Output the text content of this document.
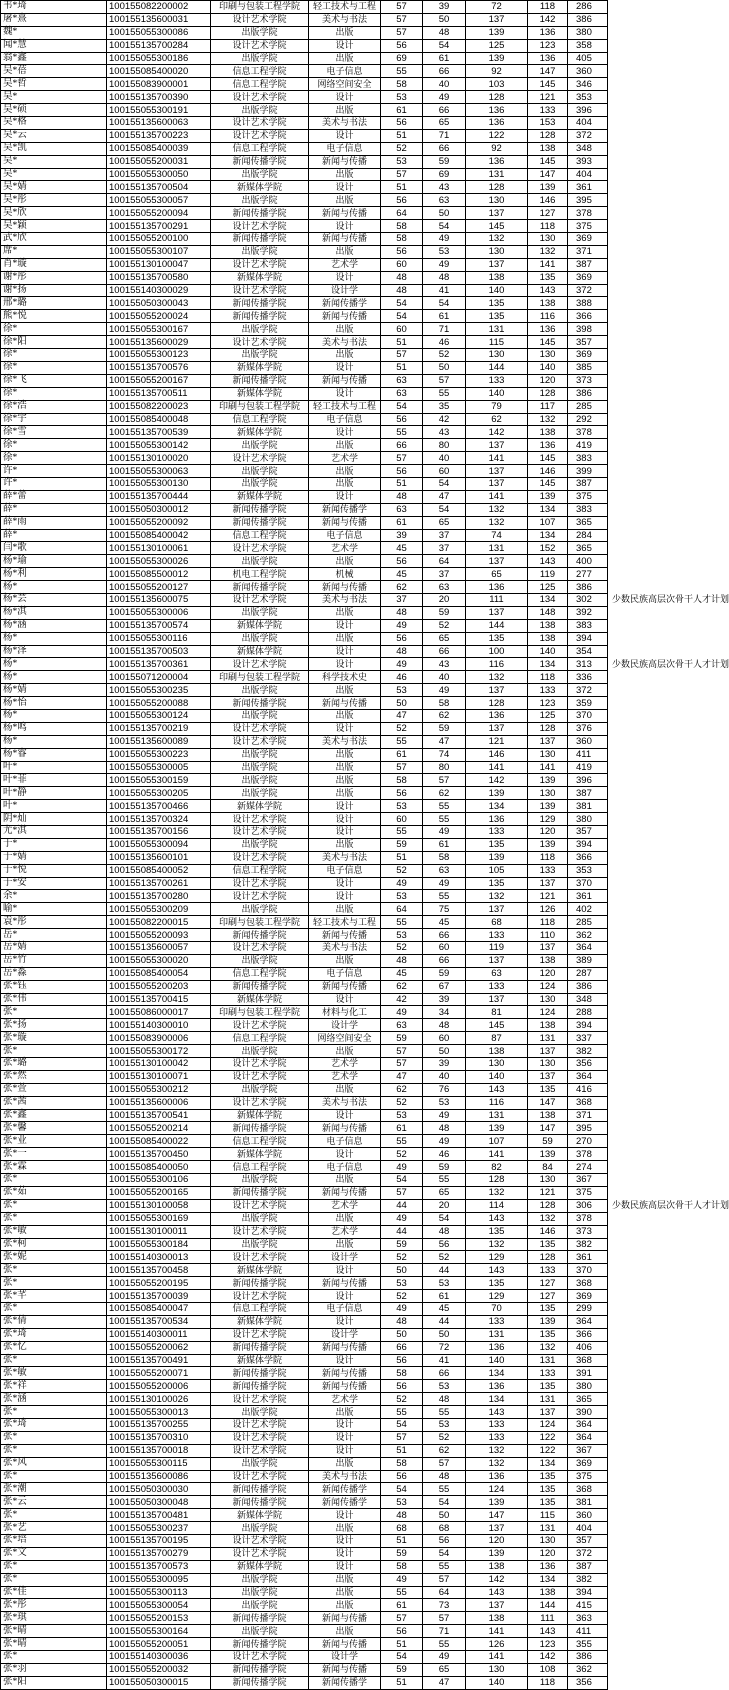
韦*琦	100155082200002	印刷与包装工程学院	轻工技术与工程	57	39	72	118	286	
屠*熹	100155135600031	设计艺术学院	美术与书法	57	50	137	142	386	
魏*	100155055300086	出版学院	出版	57	48	139	136	380	
闻*慧	100155135700284	设计艺术学院	设计	56	54	125	123	358	
翁*鑫	100155055300186	出版学院	出版	69	61	139	136	405	
吴*蓓	100155085400020	信息工程学院	电子信息	55	66	92	147	360	
吴*哲	100155083900001	信息工程学院	网络空间安全	58	40	103	145	346	
吴*	100155135700390	设计艺术学院	设计	53	49	128	121	353	
吴*硕	100155055300191	出版学院	出版	61	66	136	133	396	
吴*格	100155135600063	设计艺术学院	美术与书法	56	65	136	153	404	
吴*云	100155135700223	设计艺术学院	设计	51	71	122	128	372	
吴*凯	100155085400039	信息工程学院	电子信息	52	66	92	138	348	
吴*	100155055200031	新闻传播学院	新闻与传播	53	59	136	145	393	
吴*	100155055300050	出版学院	出版	57	69	131	147	404	
吴*婧	100155135700504	新媒体学院	设计	51	43	128	139	361	
吴*彤	100155055300057	出版学院	出版	56	63	130	146	395	
吴*欣	100155055200094	新闻传播学院	新闻与传播	64	50	137	127	378	
吴*颖	100155135700291	设计艺术学院	设计	58	54	145	118	375	
武*欣	100155055200100	新闻传播学院	新闻与传播	58	49	132	130	369	
席*	100155055300107	出版学院	出版	56	53	130	132	371	
肖*璇	100155130100047	设计艺术学院	艺术学	60	49	137	141	387	
谢*彤	100155135700580	新媒体学院	设计	48	48	138	135	369	
谢*扬	100155140300029	设计艺术学院	设计学	48	41	140	143	372	
邢*璐	100155050300043	新闻传播学院	新闻传播学	54	54	135	138	388	
熊*悦	100155055200024	新闻传播学院	新闻与传播	54	61	135	116	366	
徐*	100155055300167	出版学院	出版	60	71	131	136	398	
徐*阳	100155135600029	设计艺术学院	美术与书法	51	46	115	145	357	
徐*	100155055300123	出版学院	出版	57	52	130	130	369	
徐*	100155135700576	新媒体学院	设计	51	50	144	140	385	
徐*飞	100155055200167	新闻传播学院	新闻与传播	63	57	133	120	373	
徐*	100155135700511	新媒体学院	设计	63	55	140	128	386	
徐*浩	100155082200023	印刷与包装工程学院	轻工技术与工程	54	35	79	117	285	
徐*宇	100155085400048	信息工程学院	电子信息	56	42	62	132	292	
徐*雪	100155135700539	新媒体学院	设计	55	43	142	138	378	
徐*	100155055300142	出版学院	出版	66	80	137	136	419	
徐*	100155130100020	设计艺术学院	艺术学	57	40	141	145	383	
许*	100155055300063	出版学院	出版	56	60	137	146	399	
许*	100155055300130	出版学院	出版	51	54	137	145	387	
薛*蕾	100155135700444	新媒体学院	设计	48	47	141	139	375	
薛*	100155050300012	新闻传播学院	新闻传播学	63	54	132	134	383	
薛*雨	100155055200092	新闻传播学院	新闻与传播	61	65	132	107	365	
薛*	100155085400042	信息工程学院	电子信息	39	37	74	134	284	
闫*歌	100155130100061	设计艺术学院	艺术学	45	37	131	152	365	
杨*瑜	100155055300026	出版学院	出版	56	64	137	143	400	
杨*利	100155085500012	机电工程学院	机械	45	37	65	119	277	
杨*	100155055200127	新闻传播学院	新闻与传播	62	63	136	125	386	
杨*芸	100155135600075	设计艺术学院	美术与书法	37	20	111	134	302	少数民族高层次骨干人才计划
杨*淇	100155055300006	出版学院	出版	48	59	137	148	392	
杨*涵	100155135700574	新媒体学院	设计	49	52	144	138	383	
杨*	100155055300116	出版学院	出版	56	65	135	138	394	
杨*泽	100155135700503	新媒体学院	设计	48	66	100	140	354	
杨*	100155135700361	设计艺术学院	设计	49	43	116	134	313	少数民族高层次骨干人才计划
杨*	100155071200004	印刷与包装工程学院	科学技术史	46	40	132	118	336	
杨*婧	100155055300235	出版学院	出版	53	49	137	133	372	
杨*怡	100155055200088	新闻传播学院	新闻与传播	50	58	128	123	359	
杨*	100155055300124	出版学院	出版	47	62	136	125	370	
杨*鸣	100155135700219	设计艺术学院	设计	52	59	137	128	376	
杨*	100155135600089	设计艺术学院	美术与书法	55	47	121	137	360	
杨*睿	100155055300223	出版学院	出版	61	74	146	130	411	
叶*	100155055300005	出版学院	出版	57	80	141	141	419	
叶*菲	100155055300159	出版学院	出版	58	57	142	139	396	
叶*静	100155055300205	出版学院	出版	56	62	139	130	387	
叶*	100155135700466	新媒体学院	设计	53	55	134	139	381	
阴*灿	100155135700324	设计艺术学院	设计	60	55	136	129	380	
尤*淇	100155135700156	设计艺术学院	设计	55	49	133	120	357	
于*	100155055300094	出版学院	出版	59	61	135	139	394	
于*婧	100155135600101	设计艺术学院	美术与书法	51	58	139	118	366	
于*悦	100155085400052	信息工程学院	电子信息	52	63	105	133	353	
于*安	100155135700261	设计艺术学院	设计	49	49	135	137	370	
余*	100155135700280	设计艺术学院	设计	53	55	132	121	361	
喻*	100155055300209	出版学院	出版	64	75	137	126	402	
袁*彤	100155082200015	印刷与包装工程学院	轻工技术与工程	55	45	68	118	285	
岳*	100155055200093	新闻传播学院	新闻与传播	53	66	133	110	362	
岳*婧	100155135600057	设计艺术学院	美术与书法	52	60	119	137	364	
岳*竹	100155055300020	出版学院	出版	48	66	137	138	389	
岳*淼	100155085400054	信息工程学院	电子信息	45	59	63	120	287	
张*钰	100155055200203	新闻传播学院	新闻与传播	62	67	133	124	386	
张*伟	100155135700415	新媒体学院	设计	42	39	137	130	348	
张*	100155086000017	印刷与包装工程学院	材料与化工	49	34	81	124	288	
张*扬	100155140300010	设计艺术学院	设计学	63	48	145	138	394	
张*璇	100155083900006	信息工程学院	网络空间安全	59	60	87	131	337	
张*	100155055300172	出版学院	出版	57	50	138	137	382	
张*璐	100155130100042	设计艺术学院	艺术学	57	39	130	130	356	
张*然	100155130100071	设计艺术学院	艺术学	47	40	140	137	364	
张*萱	100155055300212	出版学院	出版	62	76	143	135	416	
张*茜	100155135600006	设计艺术学院	美术与书法	52	53	116	147	368	
张*鑫	100155135700541	新媒体学院	设计	53	49	131	138	371	
张*馨	100155055200214	新闻传播学院	新闻与传播	61	48	139	147	395	
张*业	100155085400022	信息工程学院	电子信息	55	49	107	59	270	
张*一	100155135700450	新媒体学院	设计	52	46	141	139	378	
张*霖	100155085400050	信息工程学院	电子信息	49	59	82	84	274	
张*	100155055300106	出版学院	出版	54	55	128	130	367	
张*茹	100155055200165	新闻传播学院	新闻与传播	57	65	132	121	375	
张*	100155130100058	设计艺术学院	艺术学	44	20	114	128	306	少数民族高层次骨干人才计划
张*	100155055300169	出版学院	出版	49	54	143	132	378	
张*敏	100155130100011	设计艺术学院	艺术学	44	48	135	146	373	
张*柯	100155055300184	出版学院	出版	59	56	132	135	382	
张*妮	100155140300013	设计艺术学院	设计学	52	52	129	128	361	
张*	100155135700458	新媒体学院	设计	50	44	143	133	370	
张*	100155055200195	新闻传播学院	新闻与传播	53	53	135	127	368	
张*芊	100155135700039	设计艺术学院	设计	52	61	129	127	369	
张*	100155085400047	信息工程学院	电子信息	49	45	70	135	299	
张*倩	100155135700534	新媒体学院	设计	48	44	133	139	364	
张*琦	100155140300011	设计艺术学院	设计学	50	50	131	135	366	
张*忆	100155055200062	新闻传播学院	新闻与传播	66	72	136	132	406	
张*	100155135700491	新媒体学院	设计	56	41	140	131	368	
张*敏	100155055200071	新闻传播学院	新闻与传播	58	66	134	133	391	
张*祥	100155055200006	新闻传播学院	新闻与传播	56	53	136	135	380	
张*涵	100155130100026	设计艺术学院	艺术学	52	48	134	131	365	
张*	100155055300013	出版学院	出版	55	55	143	137	390	
张*琦	100155135700255	设计艺术学院	设计	54	53	133	124	364	
张*	100155135700310	设计艺术学院	设计	57	52	133	122	364	
张*	100155135700018	设计艺术学院	设计	51	62	132	122	367	
张*风	100155055300115	出版学院	出版	58	57	132	134	369	
张*	100155135600086	设计艺术学院	美术与书法	56	48	136	135	375	
张*潮	100155050300030	新闻传播学院	新闻传播学	54	55	124	135	368	
张*云	100155050300048	新闻传播学院	新闻传播学	53	54	139	135	381	
张*	100155135700481	新媒体学院	设计	48	50	147	115	360	
张*艺	100155055300237	出版学院	出版	68	68	137	131	404	
张*培	100155135700195	设计艺术学院	设计	51	56	120	130	357	
张*文	100155135700279	设计艺术学院	设计	59	54	139	120	372	
张*	100155135700573	新媒体学院	设计	58	55	138	136	387	
张*	100155055300095	出版学院	出版	49	57	142	134	382	
张*佳	100155055300113	出版学院	出版	55	64	143	138	394	
张*彤	100155055300054	出版学院	出版	61	73	137	144	415	
张*琪	100155055200153	新闻传播学院	新闻与传播	57	57	138	111	363	
张*晴	100155055300164	出版学院	出版	56	71	141	143	411	
张*晴	100155055200051	新闻传播学院	新闻与传播	51	55	126	123	355	
张*	100155140300036	设计艺术学院	设计学	54	49	141	142	386	
张*羽	100155055200032	新闻传播学院	新闻与传播	59	65	130	108	362	
张*阳	100155050300015	新闻传播学院	新闻传播学	51	47	140	118	356	
